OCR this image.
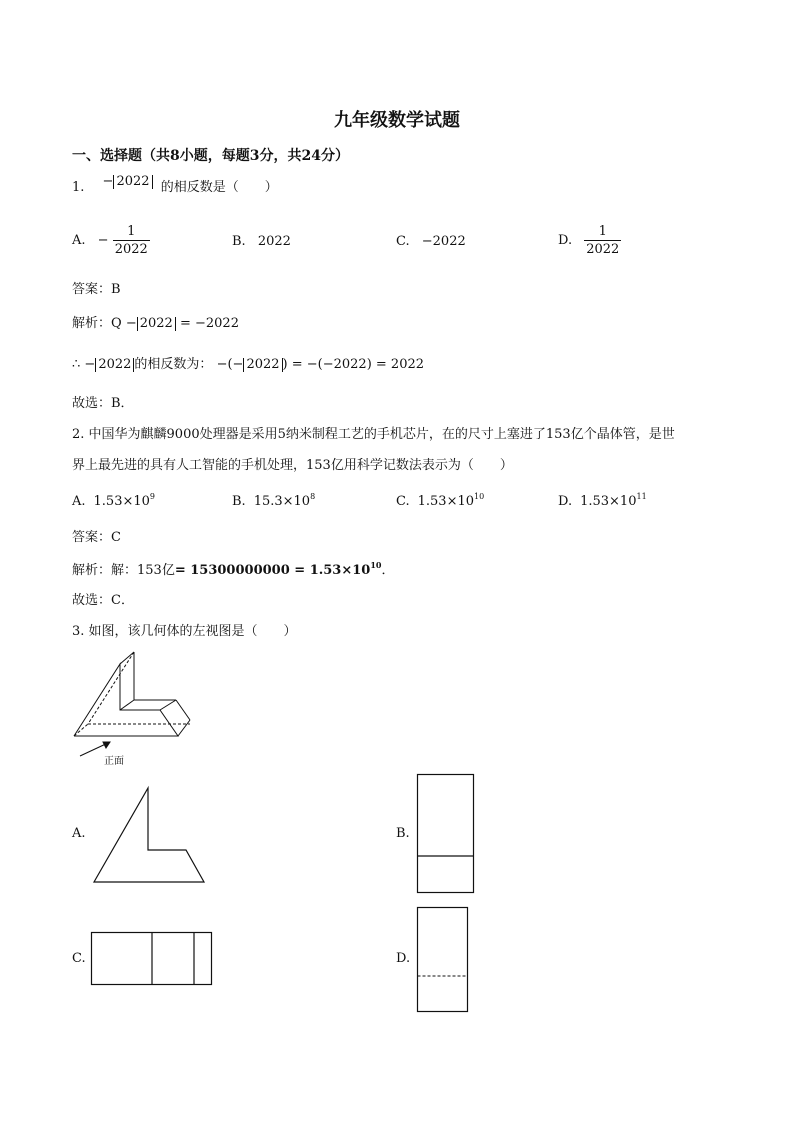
九年级数学试题
一、选择题（共8小题，每题3分，共24分）
1. − 2022 的相反数是（　　）
A. − $\frac{1}{2022}$	B. 2022	C. −2022	D. $\frac{1}{2022}$
答案：B
解析：Q − 2022 = −2022
∴ − 2022 的相反数为： −(− 2022 ) = −(−2022) = 2022
故选：B．
2. 中国华为麒麟9000处理器是采用5纳米制程工艺的手机芯片，在的尺寸上塞进了153亿个晶体管，是世
界上最先进的具有人工智能的手机处理，153亿用科学记数法表示为（　　）
A. $1.53\times 10^9$	B. $15.3\times 10^8$	C. $1.53\times 10^{10}$	D. $1.53\times 10^{11}$
答案：C
解析：解：153亿= $15300000000 = 1.53\times 10^{10}$．
故选：C．
3. 如图，该几何体的左视图是（　　）
正面
A.	B.
C.	D.
